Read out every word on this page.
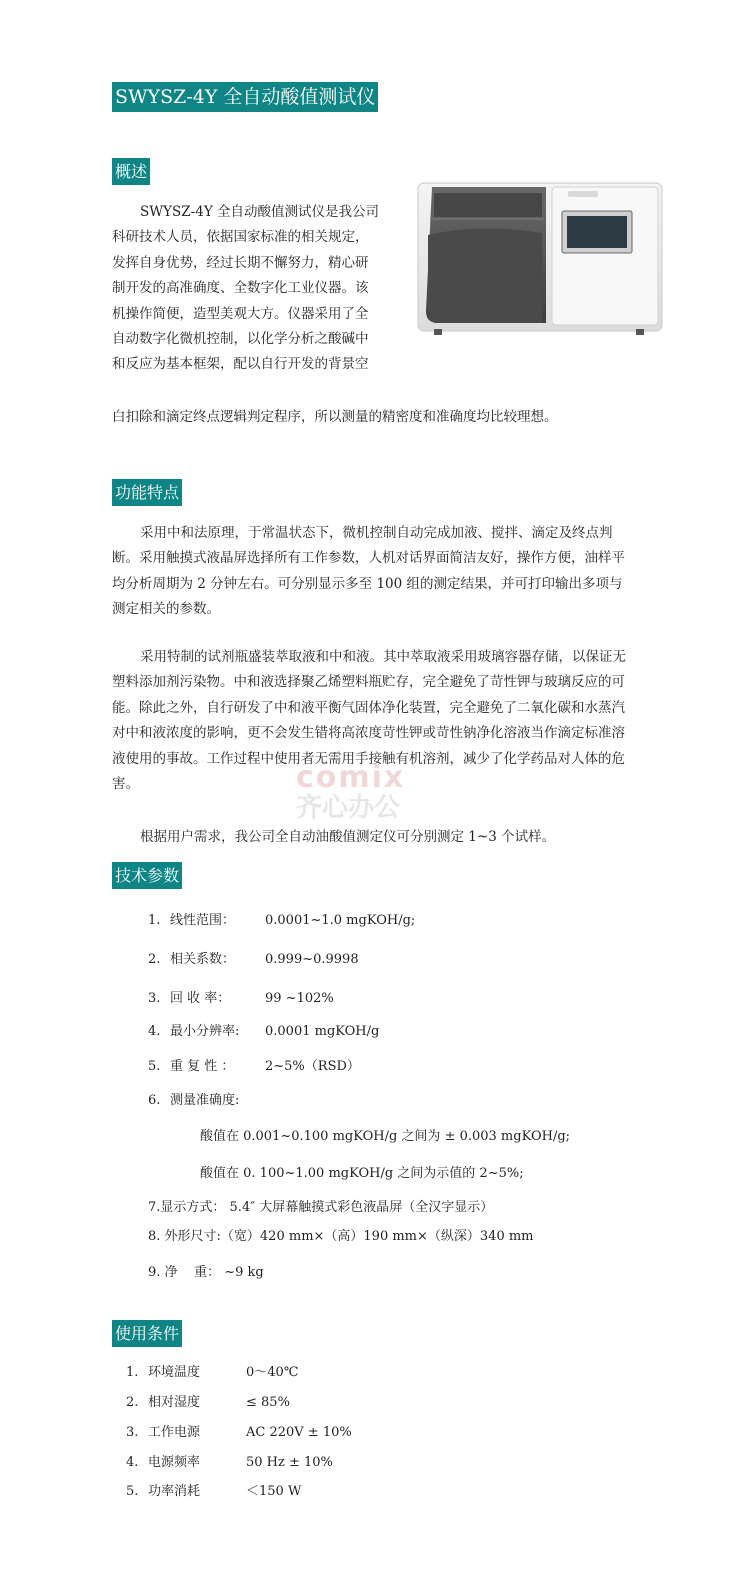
SWYSZ-4Y 全自动酸值测试仪
概述
SWYSZ-4Y 全自动酸值测试仪是我公司
科研技术人员，依据国家标准的相关规定，
发挥自身优势，经过长期不懈努力，精心研
制开发的高准确度、全数字化工业仪器。该
机操作简便，造型美观大方。仪器采用了全
自动数字化微机控制，以化学分析之酸碱中
和反应为基本框架，配以自行开发的背景空
白扣除和滴定终点逻辑判定程序，所以测量的精密度和准确度均比较理想。
功能特点

采用中和法原理，于常温状态下，微机控制自动完成加液、搅拌、滴定及终点判断。采用触摸式液晶屏选择所有工作参数，人机对话界面简洁友好，操作方便，油样平均分析周期为 2 分钟左右。可分别显示多至 100 组的测定结果，并可打印输出多项与测定相关的参数。

采用特制的试剂瓶盛装萃取液和中和液。其中萃取液采用玻璃容器存储，以保证无塑料添加剂污染物。中和液选择聚乙烯塑料瓶贮存，完全避免了苛性钾与玻璃反应的可能。除此之外，自行研发了中和液平衡气固体净化装置，完全避免了二氧化碳和水蒸汽对中和液浓度的影响，更不会发生错将高浓度苛性钾或苛性钠净化溶液当作滴定标准溶液使用的事故。工作过程中使用者无需用手接触有机溶剂，减少了化学药品对人体的危害。

根据用户需求，我公司全自动油酸值测定仪可分别测定 1~3 个试样。

comix
齐心办公
技术参数
1. 线性范围： 0.0001~1.0 mgKOH/g;
2. 相关系数： 0.999~0.9998
3. 回 收 率：	99 ~102%
4. 最小分辨率: 0.0001 mgKOH/g
5. 重 复 性 ： 2~5%（RSD）
6. 测量准确度:
酸值在 0.001~0.100 mgKOH/g 之间为 ± 0.003 mgKOH/g;
酸值在 0. 100~1.00 mgKOH/g 之间为示值的 2~5%;
7.显示方式： 5.4″ 大屏幕触摸式彩色液晶屏（全汉字显示）
8. 外形尺寸:（宽）420 mm×（高）190 mm×（纵深）340 mm
9. 净    重： ~9 kg
使用条件
1. 环境温度	0～40℃
2. 相对湿度	≤ 85%
3. 工作电源	AC 220V ± 10%
4. 电源频率	50 Hz ± 10%
5. 功率消耗	＜150 W
